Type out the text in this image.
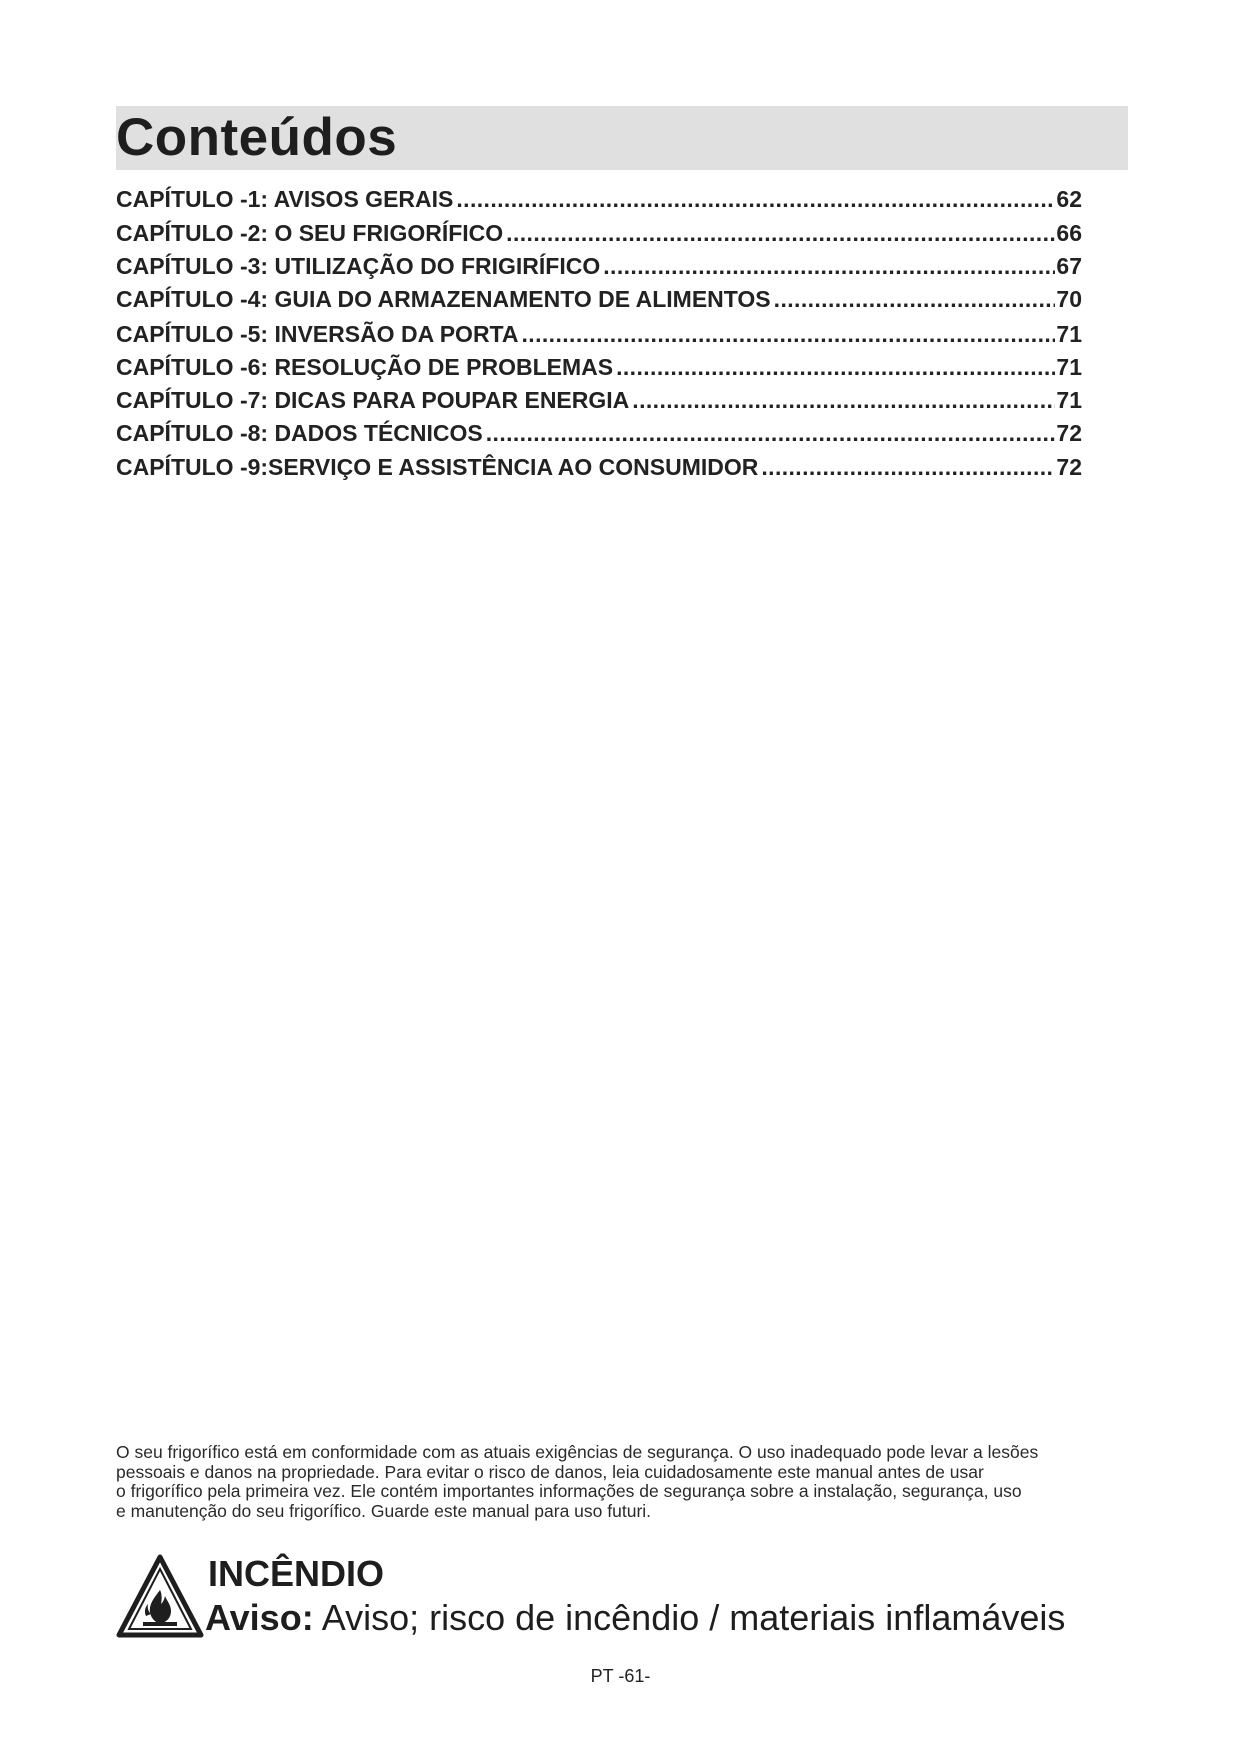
Conteúdos
CAPÍTULO -1: AVISOS GERAIS .....	62
CAPÍTULO -2: O SEU FRIGORÍFICO .....	66
CAPÍTULO -3: UTILIZAÇÃO DO FRIGIRÍFICO .....	67
CAPÍTULO -4: GUIA DO ARMAZENAMENTO DE ALIMENTOS .....	70
CAPÍTULO -5: INVERSÃO DA PORTA .....	71
CAPÍTULO -6: RESOLUÇÃO DE PROBLEMAS .....	71
CAPÍTULO -7: DICAS PARA POUPAR ENERGIA .....	71
CAPÍTULO -8: DADOS TÉCNICOS .....	72
CAPÍTULO -9:SERVIÇO E ASSISTÊNCIA AO CONSUMIDOR .....	72
O seu frigorífico está em conformidade com as atuais exigências de segurança. O uso inadequado pode levar a lesões
pessoais e danos na propriedade. Para evitar o risco de danos, leia cuidadosamente este manual antes de usar
o frigorífico pela primeira vez. Ele contém importantes informações de segurança sobre a instalação, segurança, uso
e manutenção do seu frigorífico. Guarde este manual para uso futuri.
INCÊNDIO
Aviso: Aviso; risco de incêndio / materiais inflamáveis
PT -61-
